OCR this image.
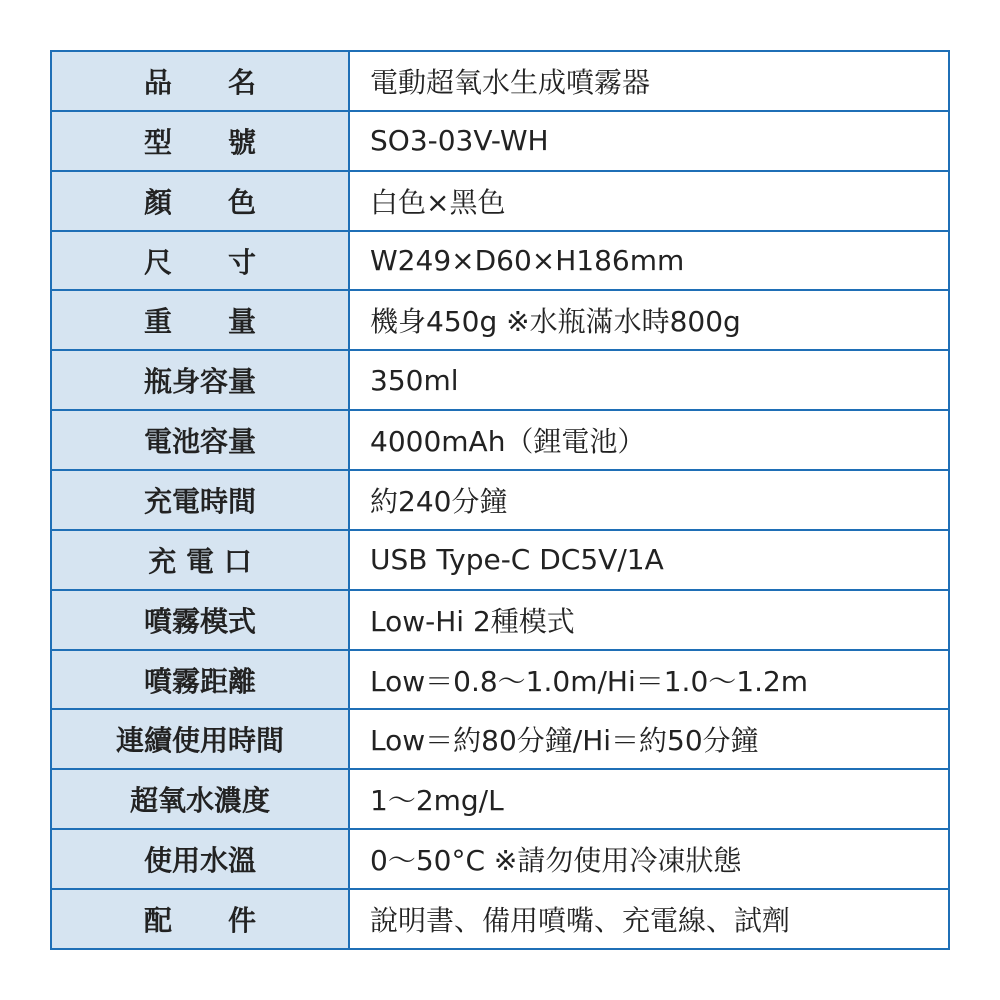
品　　名	電動超氧水生成噴霧器
型　　號	SO3-03V-WH
顏　　色	白色×黑色
尺　　寸	W249×D60×H186mm
重　　量	機身450g ※水瓶滿水時800g
瓶身容量	350ml
電池容量	4000mAh（鋰電池）
充電時間	約240分鐘
充 電 口	USB Type-C DC5V/1A
噴霧模式	Low-Hi 2種模式
噴霧距離	Low＝0.8～1.0m/Hi＝1.0～1.2m
連續使用時間	Low＝約80分鐘/Hi＝約50分鐘
超氧水濃度	1～2mg/L
使用水溫	0～50°C ※請勿使用冷凍狀態
配　　件	說明書、備用噴嘴、充電線、試劑
